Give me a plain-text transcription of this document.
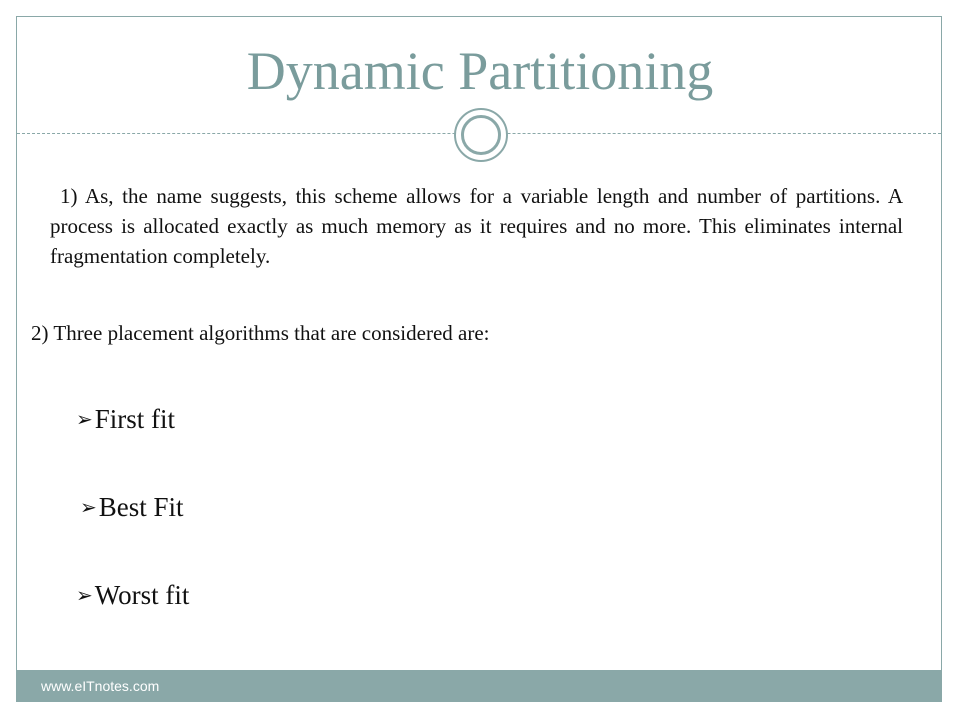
Dynamic Partitioning
1) As, the name suggests, this scheme allows for a variable length and number of partitions. A process is allocated exactly as much memory as it requires and no more. This eliminates internal fragmentation completely.
2) Three placement algorithms that are considered are:
➢First fit
➢Best Fit
➢Worst fit
www.eITnotes.com
